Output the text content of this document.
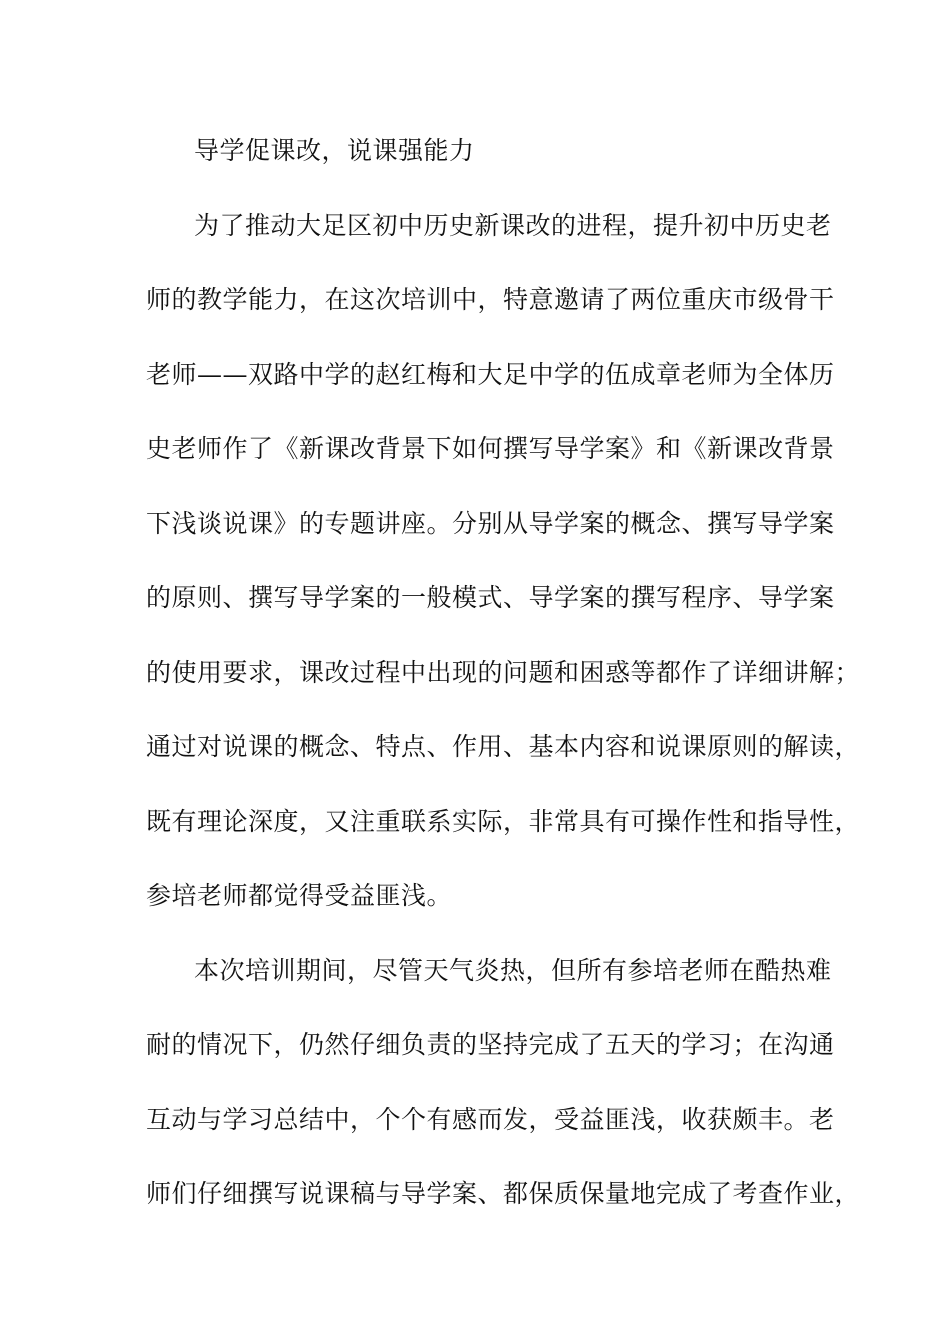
导学促课改，说课强能力
为了推动大足区初中历史新课改的进程，提升初中历史老
师的教学能力，在这次培训中，特意邀请了两位重庆市级骨干
老师——双路中学的赵红梅和大足中学的伍成章老师为全体历
史老师作了《新课改背景下如何撰写导学案》和《新课改背景
下浅谈说课》的专题讲座。分别从导学案的概念、撰写导学案
的原则、撰写导学案的一般模式、导学案的撰写程序、导学案
的使用要求，课改过程中出现的问题和困惑等都作了详细讲解；
通过对说课的概念、特点、作用、基本内容和说课原则的解读，
既有理论深度，又注重联系实际，非常具有可操作性和指导性，
参培老师都觉得受益匪浅。
本次培训期间，尽管天气炎热，但所有参培老师在酷热难
耐的情况下，仍然仔细负责的坚持完成了五天的学习；在沟通
互动与学习总结中，个个有感而发，受益匪浅，收获颇丰。老
师们仔细撰写说课稿与导学案、都保质保量地完成了考查作业，
